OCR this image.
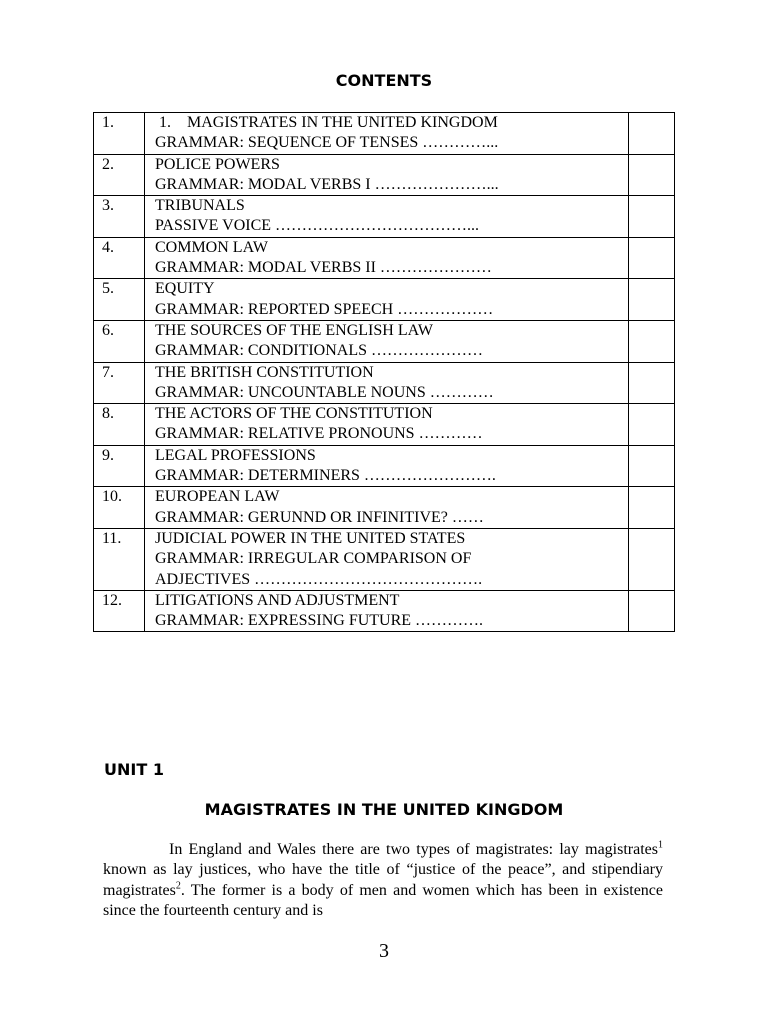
CONTENTS
1.	1.    MAGISTRATES IN THE UNITED KINGDOM
GRAMMAR: SEQUENCE OF TENSES …………...	

2.	POLICE POWERS
GRAMMAR: MODAL VERBS I …………………...	

3.	TRIBUNALS
PASSIVE VOICE ………………………………...	

4.	COMMON LAW
GRAMMAR: MODAL VERBS II …………………	

5.	EQUITY
GRAMMAR: REPORTED SPEECH ………………	

6.	THE SOURCES OF THE ENGLISH LAW
GRAMMAR: CONDITIONALS …………………	

7.	THE BRITISH CONSTITUTION
GRAMMAR: UNCOUNTABLE NOUNS …………	

8.	THE ACTORS OF THE CONSTITUTION
GRAMMAR: RELATIVE PRONOUNS …………	

9.	LEGAL PROFESSIONS
GRAMMAR: DETERMINERS …………………….	

10.	EUROPEAN LAW
GRAMMAR: GERUNND OR INFINITIVE? ……	

11.	JUDICIAL POWER IN THE UNITED STATES
GRAMMAR: IRREGULAR COMPARISON OF
ADJECTIVES …………………………………….	

12.	LITIGATIONS AND ADJUSTMENT
GRAMMAR: EXPRESSING FUTURE ………….	

UNIT 1
MAGISTRATES IN THE UNITED KINGDOM

In England and Wales there are two types of magistrates: lay magistrates$^1$ known as lay justices, who have the title of “justice of the peace”, and stipendiary magistrates$^2$. The former is a body of men and women which has been in existence since the fourteenth century and is

3
